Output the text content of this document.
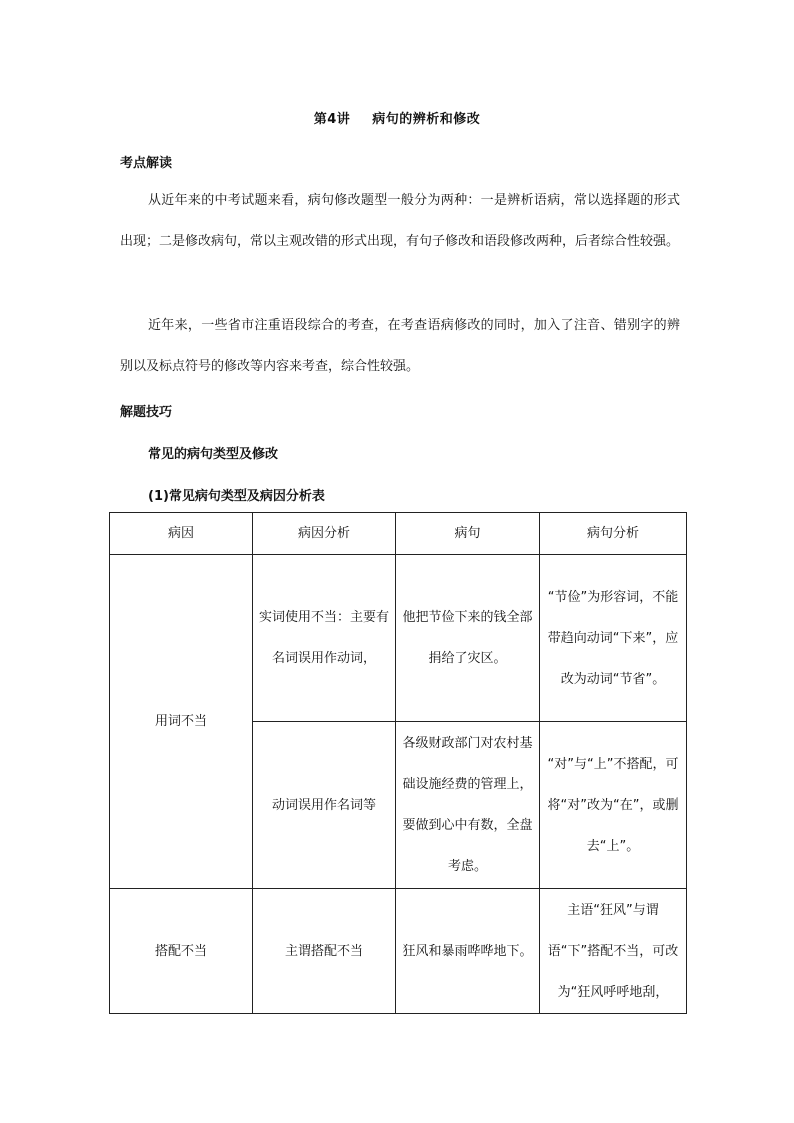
第4讲 病句的辨析和修改
考点解读
从近年来的中考试题来看，病句修改题型一般分为两种：一是辨析语病，常以选择题的形式出现；二是修改病句，常以主观改错的形式出现，有句子修改和语段修改两种，后者综合性较强。
近年来，一些省市注重语段综合的考查，在考查语病修改的同时，加入了注音、错别字的辨别以及标点符号的修改等内容来考查，综合性较强。
解题技巧
常见的病句类型及修改
(1)常见病句类型及病因分析表
病因	病因分析	病句	病句分析
用词不当	实词使用不当：主要有名词误用作动词，	他把节俭下来的钱全部捐给了灾区。	“节俭”为形容词，不能带趋向动词“下来”，应改为动词“节省”。
	动词误用作名词等	各级财政部门对农村基础设施经费的管理上，要做到心中有数，全盘考虑。	“对”与“上”不搭配，可将“对”改为“在”，或删去“上”。
搭配不当	主谓搭配不当	狂风和暴雨哗哗地下。	主语“狂风”与谓语“下”搭配不当，可改为“狂风呼呼地刮，
